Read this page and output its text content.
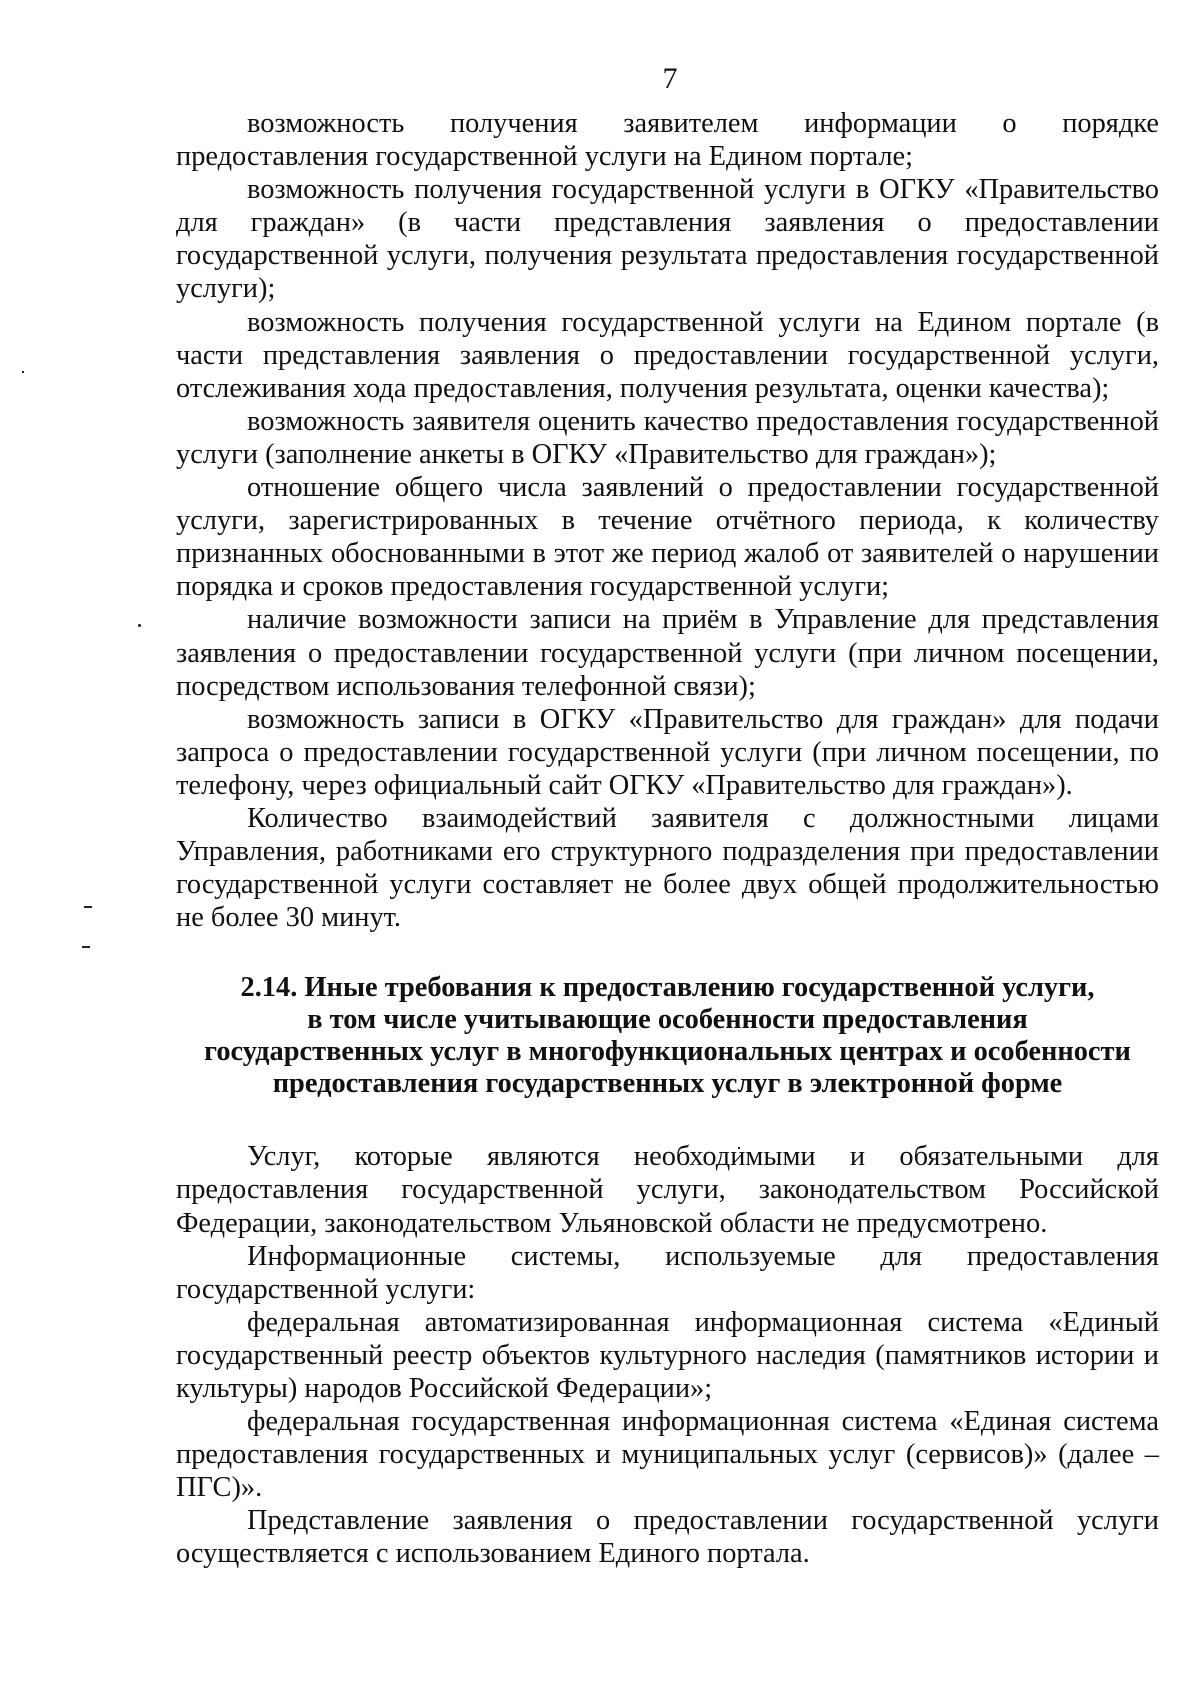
7

возможность получения заявителем информации о порядке предоставления государственной услуги на Едином портале;

возможность получения государственной услуги в ОГКУ «Правительство для граждан» (в части представления заявления о предоставлении государственной услуги, получения результата предоставления государственной услуги);

возможность получения государственной услуги на Едином портале (в части представления заявления о предоставлении государственной услуги, отслеживания хода предоставления, получения результата, оценки качества);

возможность заявителя оценить качество предоставления государственной услуги (заполнение анкеты в ОГКУ «Правительство для граждан»);

отношение общего числа заявлений о предоставлении государственной услуги, зарегистрированных в течение отчётного периода, к количеству признанных обоснованными в этот же период жалоб от заявителей о нарушении порядка и сроков предоставления государственной услуги;

наличие возможности записи на приём в Управление для представления заявления о предоставлении государственной услуги (при личном посещении, посредством использования телефонной связи);

возможность записи в ОГКУ «Правительство для граждан» для подачи запроса о предоставлении государственной услуги (при личном посещении, по телефону, через официальный сайт ОГКУ «Правительство для граждан»).

Количество взаимодействий заявителя с должностными лицами Управления, работниками его структурного подразделения при предоставлении государственной услуги составляет не более двух общей продолжительностью не более 30 минут.

2.14. Иные требования к предоставлению государственной услуги,
в том числе учитывающие особенности предоставления
государственных услуг в многофункциональных центрах и особенности
предоставления государственных услуг в электронной форме

Услуг, которые являются необходимыми и обязательными для предоставления государственной услуги, законодательством Российской Федерации, законодательством Ульяновской области не предусмотрено.

Информационные системы, используемые для предоставления государственной услуги:

федеральная автоматизированная информационная система «Единый государственный реестр объектов культурного наследия (памятников истории и культуры) народов Российской Федерации»;

федеральная государственная информационная система «Единая система предоставления государственных и муниципальных услуг (сервисов)» (далее – ПГС)».

Представление заявления о предоставлении государственной услуги осуществляется с использованием Единого портала.
